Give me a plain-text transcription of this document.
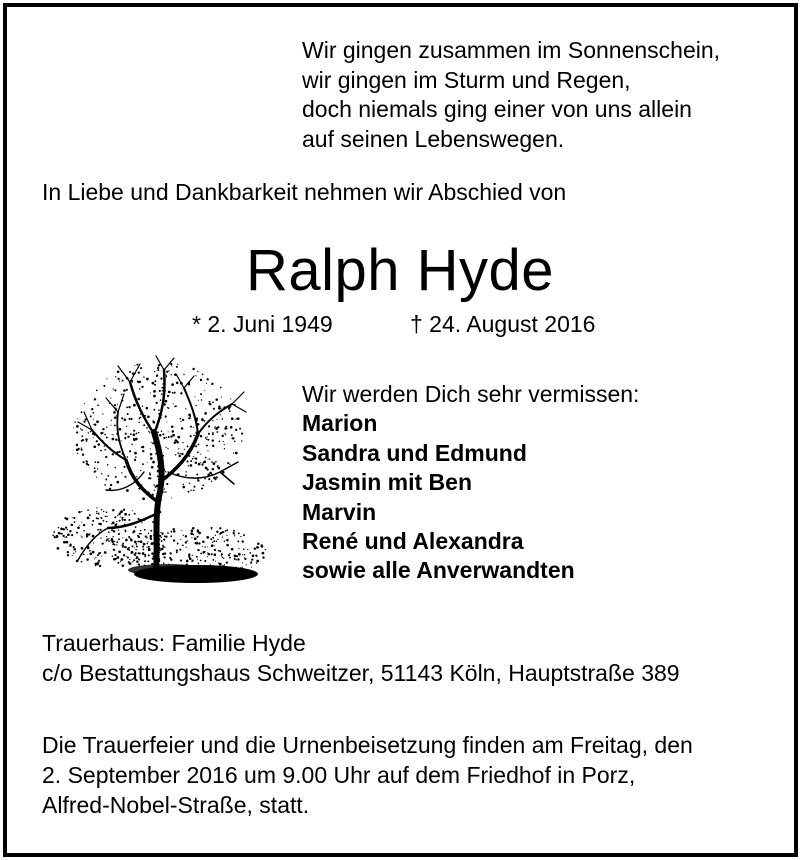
Wir gingen zusammen im Sonnenschein,
wir gingen im Sturm und Regen,
doch niemals ging einer von uns allein
auf seinen Lebenswegen.
In Liebe und Dankbarkeit nehmen wir Abschied von
Ralph Hyde
* 2. Juni 1949	† 24. August 2016
Wir werden Dich sehr vermissen:
Marion
Sandra und Edmund
Jasmin mit Ben
Marvin
René und Alexandra
sowie alle Anverwandten
Trauerhaus: Familie Hyde
c/o Bestattungshaus Schweitzer, 51143 Köln, Hauptstraße 389
Die Trauerfeier und die Urnenbeisetzung finden am Freitag, den
2. September 2016 um 9.00 Uhr auf dem Friedhof in Porz,
Alfred-Nobel-Straße, statt.
